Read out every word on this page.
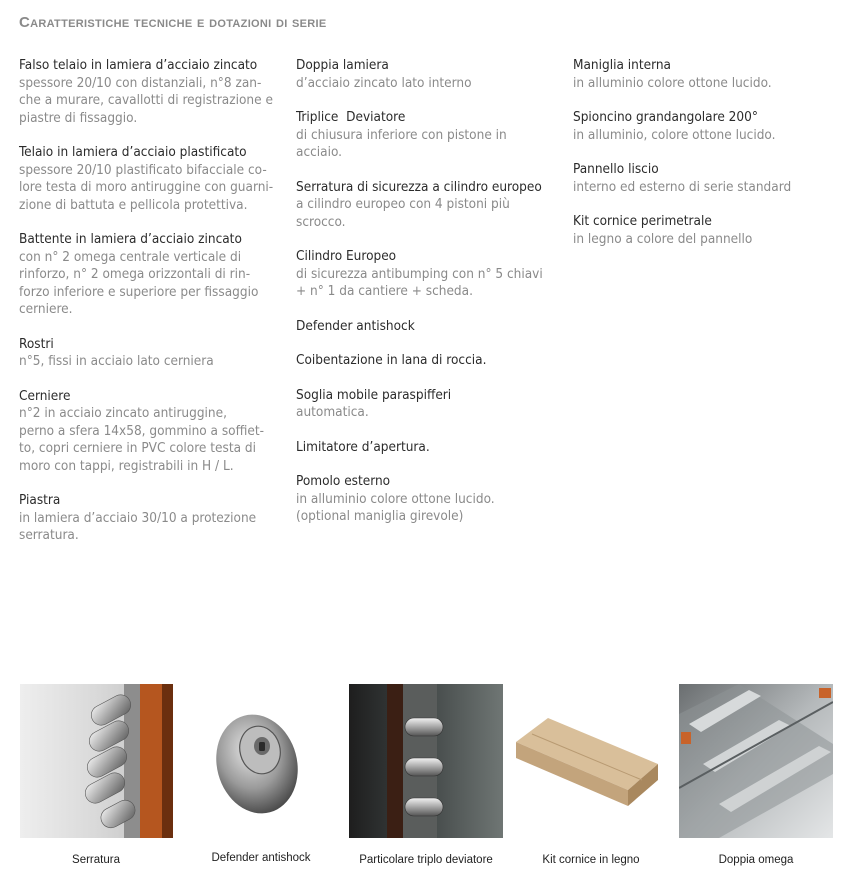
Caratteristiche tecniche e dotazioni di serie
Falso telaio in lamiera d’acciaio zincato
spessore 20/10 con distanziali, n°8 zan-
che a murare, cavallotti di registrazione e
piastre di fissaggio.
Telaio in lamiera d’acciaio plastificato
spessore 20/10 plastificato bifacciale co-
lore testa di moro antiruggine con guarni-
zione di battuta e pellicola protettiva.
Battente in lamiera d’acciaio zincato
con n° 2 omega centrale verticale di
rinforzo, n° 2 omega orizzontali di rin-
forzo inferiore e superiore per fissaggio
cerniere.
Rostri
n°5, fissi in acciaio lato cerniera
Cerniere
n°2 in acciaio zincato antiruggine,
perno a sfera 14x58, gommino a soffiet-
to, copri cerniere in PVC colore testa di
moro con tappi, registrabili in H / L.
Piastra
in lamiera d’acciaio 30/10 a protezione
serratura.
Doppia lamiera
d’acciaio zincato lato interno
Triplice  Deviatore
di chiusura inferiore con pistone in
acciaio.
Serratura di sicurezza a cilindro europeo
a cilindro europeo con 4 pistoni più
scrocco.
Cilindro Europeo
di sicurezza antibumping con n° 5 chiavi
+ n° 1 da cantiere + scheda.
Defender antishock
Coibentazione in lana di roccia.
Soglia mobile paraspifferi
automatica.
Limitatore d’apertura.
Pomolo esterno
in alluminio colore ottone lucido.
(optional maniglia girevole)
Maniglia interna
in alluminio colore ottone lucido.
Spioncino grandangolare 200°
in alluminio, colore ottone lucido.
Pannello liscio
interno ed esterno di serie standard
Kit cornice perimetrale
in legno a colore del pannello
Serratura	Defender antishock	Particolare triplo deviatore	Kit cornice in legno	Doppia omega
